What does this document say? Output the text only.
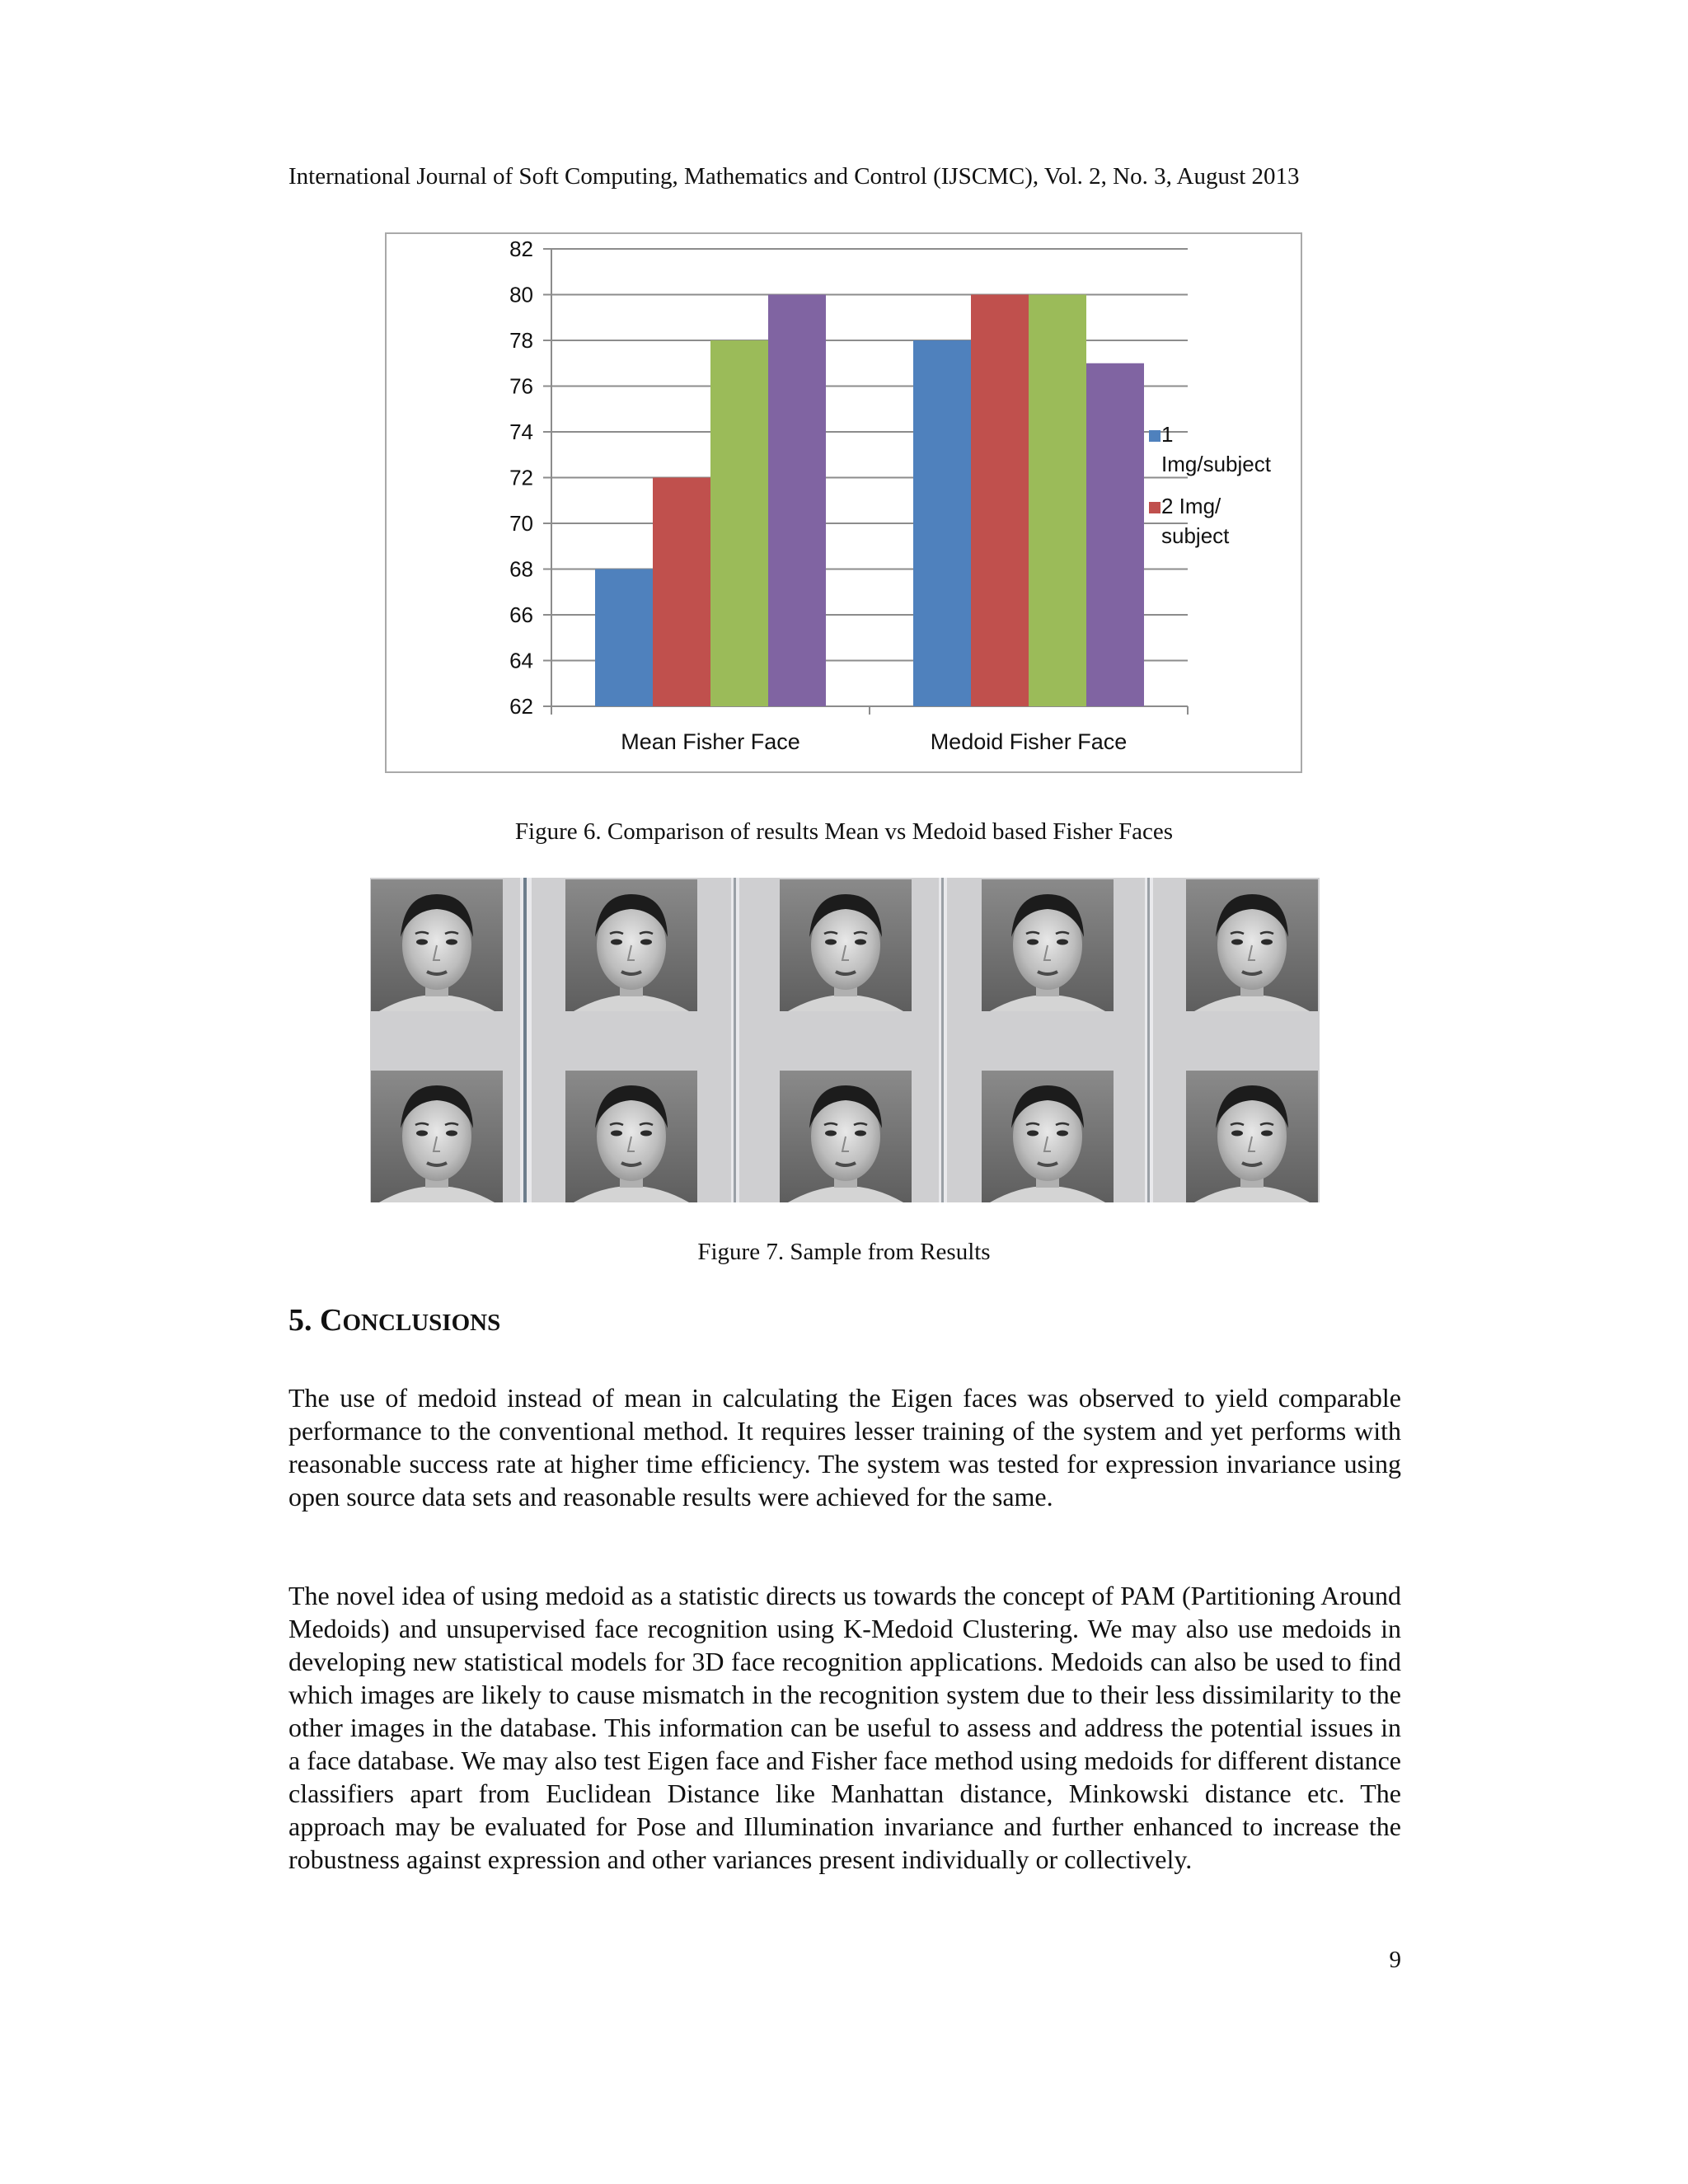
International Journal of Soft Computing, Mathematics and Control (IJSCMC), Vol. 2, No. 3, August 2013
62
64
66
68
70
72
74
76
78
80
82
Mean Fisher Face	Medoid Fisher Face
1
Img/subject
2 Img/
subject
Figure 6. Comparison of results Mean vs Medoid based Fisher Faces
Figure 7. Sample from Results
5. CONCLUSIONS

The use of medoid instead of mean in calculating the Eigen faces was observed to yield comparable performance to the conventional method. It requires lesser training of the system and yet performs with reasonable success rate at higher time efficiency. The system was tested for expression invariance using open source data sets and reasonable results were achieved for the same.

The novel idea of using medoid as a statistic directs us towards the concept of PAM (Partitioning Around Medoids) and unsupervised face recognition using K-Medoid Clustering. We may also use medoids in developing new statistical models for 3D face recognition applications. Medoids can also be used to find which images are likely to cause mismatch in the recognition system due to their less dissimilarity to the other images in the database. This information can be useful to assess and address the potential issues in a face database. We may also test Eigen face and Fisher face method using medoids for different distance classifiers apart from Euclidean Distance like Manhattan distance, Minkowski distance etc. The approach may be evaluated for Pose and Illumination invariance and further enhanced to increase the robustness against expression and other variances present individually or collectively.

9
